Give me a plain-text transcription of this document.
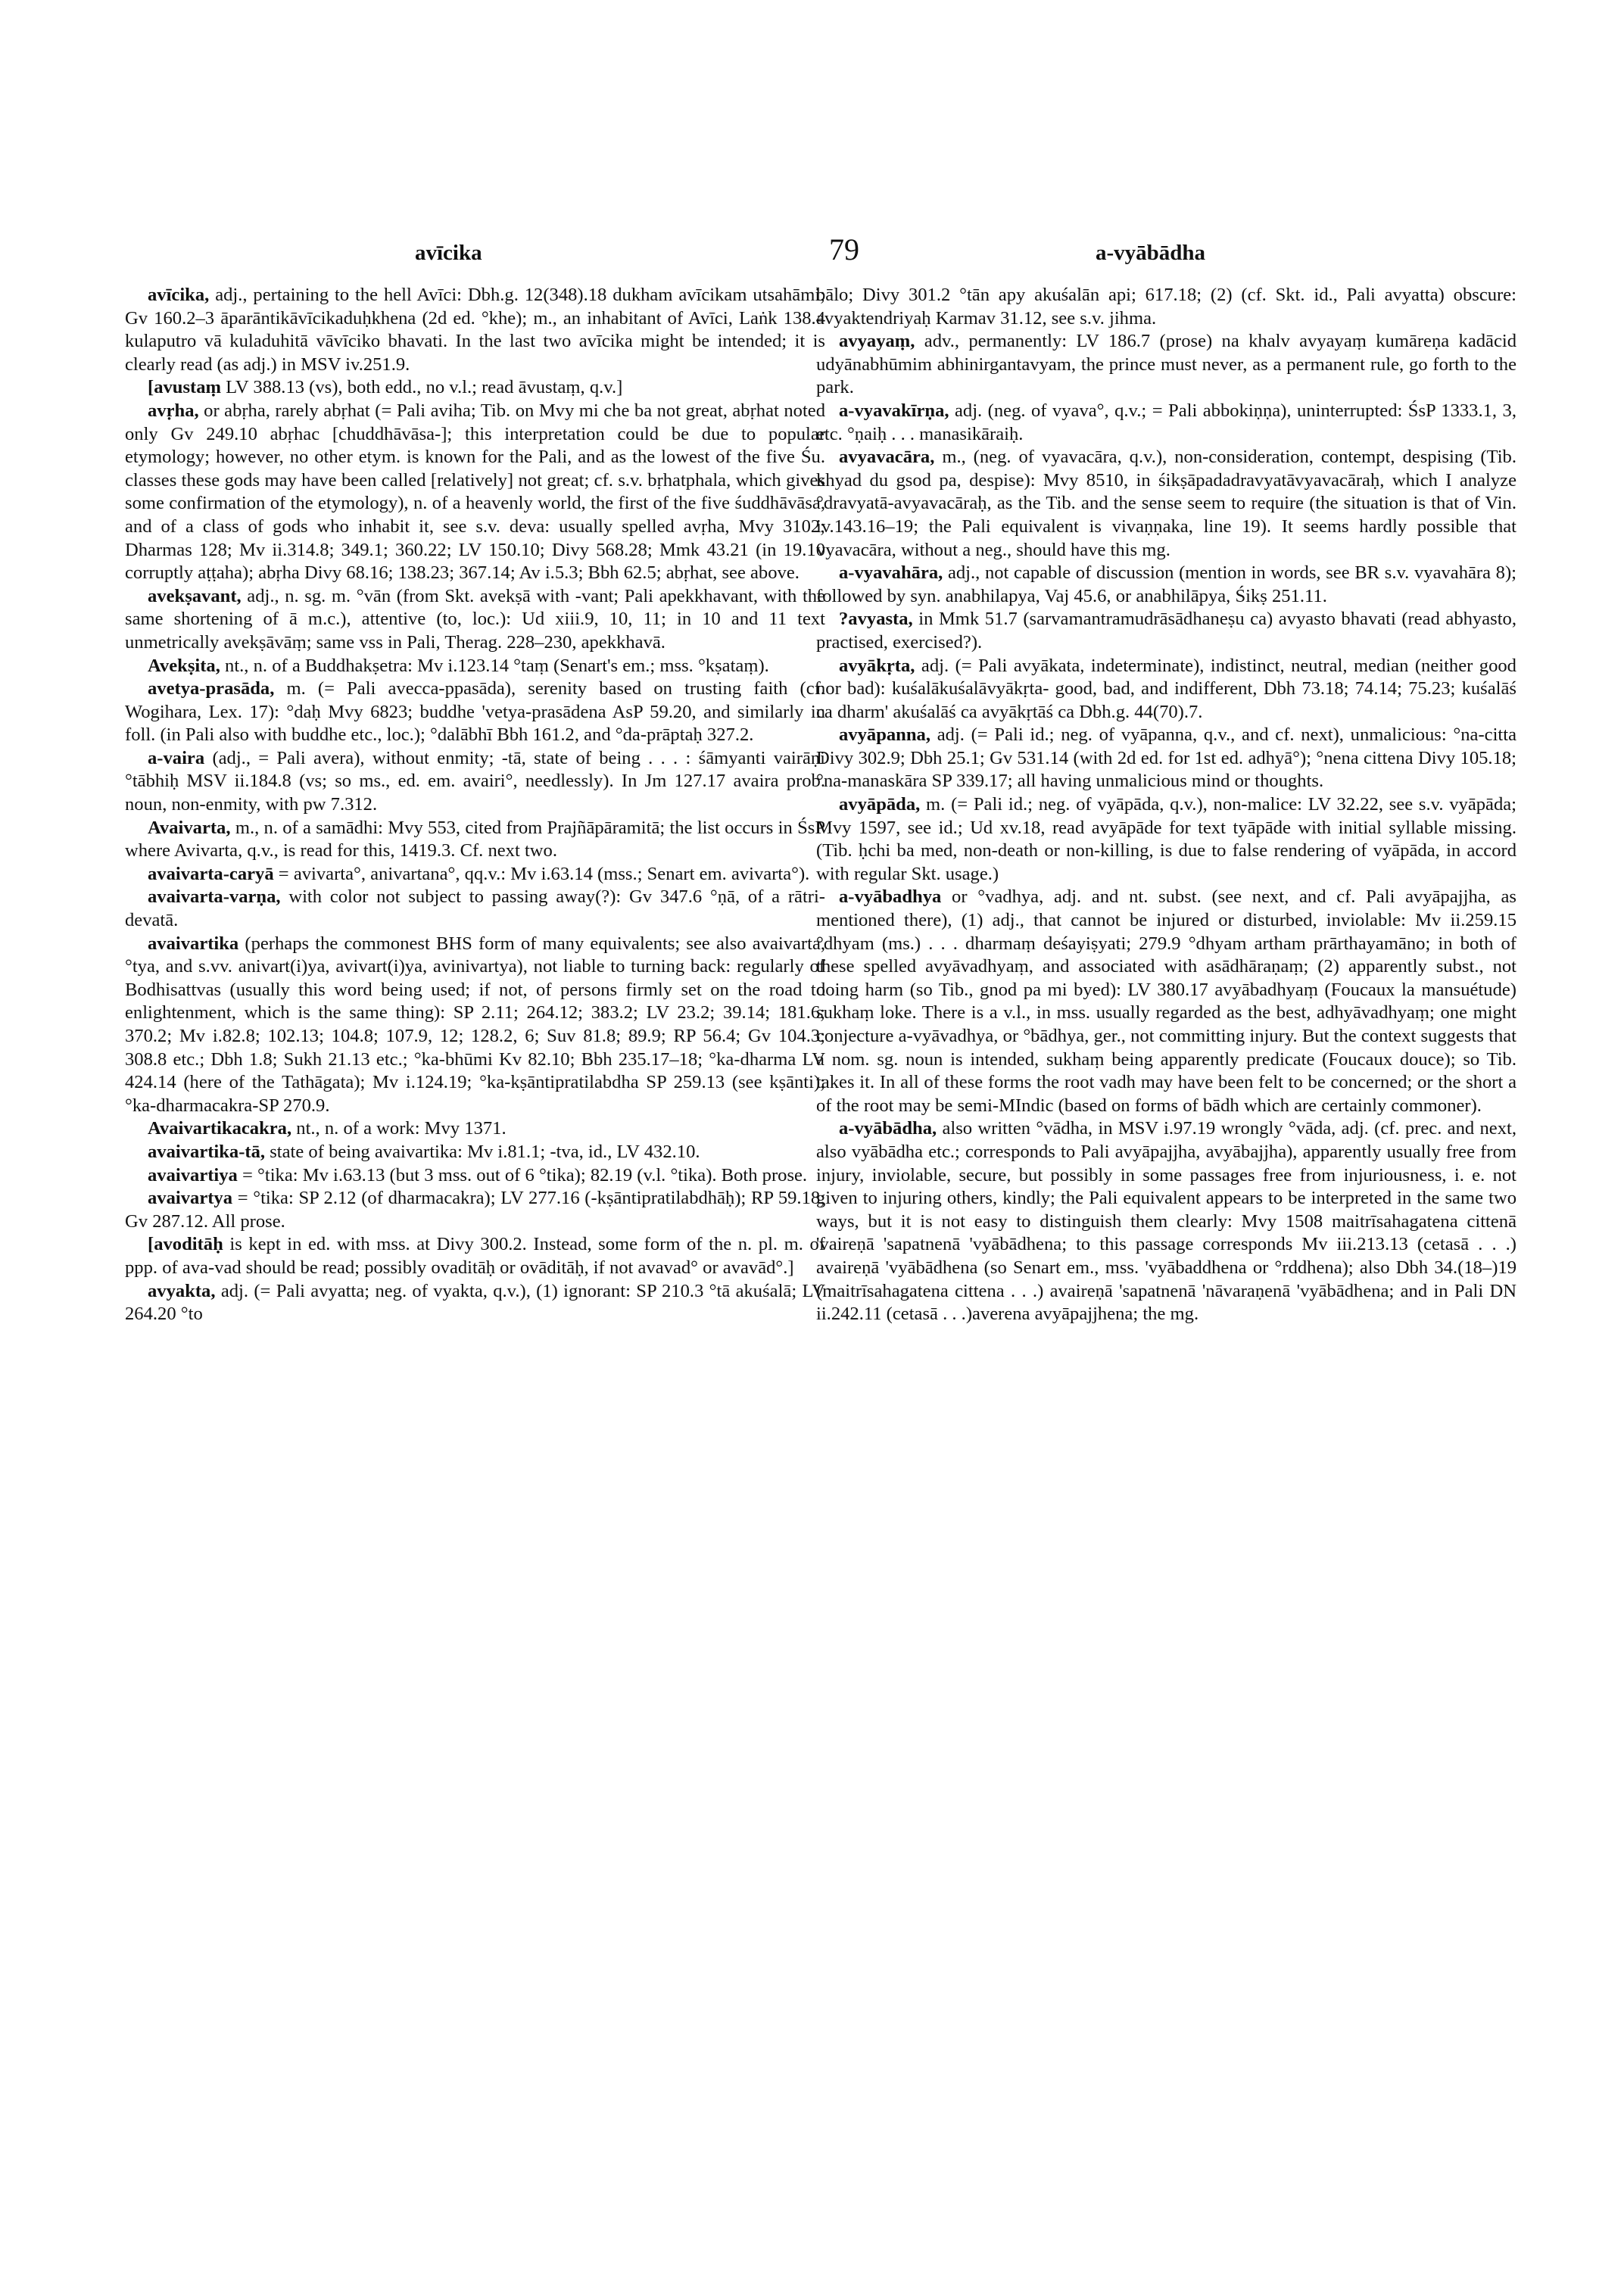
avīcika	79	a-vyābādha

avīcika, adj., pertaining to the hell Avīci: Dbh.g. 12(348).18 dukham avīcikam utsahāmi; Gv 160.2–3 āparāntikāvīcikaduḥkhena (2d ed. °khe); m., an inhabitant of Avīci, Laṅk 138.4 kulaputro vā kuladuhitā vāvīciko bhavati. In the last two avīcika might be intended; it is clearly read (as adj.) in MSV iv.251.9.

[avustaṃ LV 388.13 (vs), both edd., no v.l.; read āvustaṃ, q.v.]

avṛha, or abṛha, rarely abṛhat (= Pali aviha; Tib. on Mvy mi che ba not great, abṛhat noted only Gv 249.10 abṛhac [chuddhāvāsa-]; this interpretation could be due to popular etymology; however, no other etym. is known for the Pali, and as the lowest of the five Śu. classes these gods may have been called [relatively] not great; cf. s.v. bṛhatphala, which gives some confirmation of the etymology), n. of a heavenly world, the first of the five śuddhāvāsa, and of a class of gods who inhabit it, see s.v. deva: usually spelled avṛha, Mvy 3102; Dharmas 128; Mv ii.314.8; 349.1; 360.22; LV 150.10; Divy 568.28; Mmk 43.21 (in 19.10 corruptly aṭṭaha); abṛha Divy 68.16; 138.23; 367.14; Av i.5.3; Bbh 62.5; abṛhat, see above.

avekṣavant, adj., n. sg. m. °vān (from Skt. avekṣā with -vant; Pali apekkhavant, with the same shortening of ā m.c.), attentive (to, loc.): Ud xiii.9, 10, 11; in 10 and 11 text unmetrically avekṣāvāṃ; same vss in Pali, Therag. 228–230, apekkhavā.

Avekṣita, nt., n. of a Buddhakṣetra: Mv i.123.14 °taṃ (Senart's em.; mss. °kṣataṃ).

avetya-prasāda, m. (= Pali avecca-ppasāda), serenity based on trusting faith (cf. Wogihara, Lex. 17): °daḥ Mvy 6823; buddhe 'vetya-prasādena AsP 59.20, and similarly in foll. (in Pali also with buddhe etc., loc.); °dalābhī Bbh 161.2, and °da-prāptaḥ 327.2.

a-vaira (adj., = Pali avera), without enmity; -tā, state of being . . . : śāmyanti vairāṇi °tābhiḥ MSV ii.184.8 (vs; so ms., ed. em. avairi°, needlessly). In Jm 127.17 avaira prob. noun, non-enmity, with pw 7.312.

Avaivarta, m., n. of a samādhi: Mvy 553, cited from Prajñāpāramitā; the list occurs in ŚsP where Avivarta, q.v., is read for this, 1419.3. Cf. next two.

avaivarta-caryā = avivarta°, anivartana°, qq.v.: Mv i.63.14 (mss.; Senart em. avivarta°).

avaivarta-varṇa, with color not subject to passing away(?): Gv 347.6 °ṇā, of a rātri-devatā.

avaivartika (perhaps the commonest BHS form of many equivalents; see also avaivarta, °tya, and s.vv. anivart(i)ya, avivart(i)ya, avinivartya), not liable to turning back: regularly of Bodhisattvas (usually this word being used; if not, of persons firmly set on the road to enlightenment, which is the same thing): SP 2.11; 264.12; 383.2; LV 23.2; 39.14; 181.6; 370.2; Mv i.82.8; 102.13; 104.8; 107.9, 12; 128.2, 6; Suv 81.8; 89.9; RP 56.4; Gv 104.3; 308.8 etc.; Dbh 1.8; Sukh 21.13 etc.; °ka-bhūmi Kv 82.10; Bbh 235.17–18; °ka-dharma LV 424.14 (here of the Tathāgata); Mv i.124.19; °ka-kṣāntipratilabdha SP 259.13 (see kṣānti); °ka-dharmacakra-SP 270.9.

Avaivartikacakra, nt., n. of a work: Mvy 1371.

avaivartika-tā, state of being avaivartika: Mv i.81.1; -tva, id., LV 432.10.

avaivartiya = °tika: Mv i.63.13 (but 3 mss. out of 6 °tika); 82.19 (v.l. °tika). Both prose.

avaivartya = °tika: SP 2.12 (of dharmacakra); LV 277.16 (-kṣāntipratilabdhāḥ); RP 59.18; Gv 287.12. All prose.

[avoditāḥ is kept in ed. with mss. at Divy 300.2. Instead, some form of the n. pl. m. of ppp. of ava-vad should be read; possibly ovaditāḥ or ovāditāḥ, if not avavad° or avavād°.]

avyakta, adj. (= Pali avyatta; neg. of vyakta, q.v.), (1) ignorant: SP 210.3 °tā akuśalā; LV 264.20 °to

bālo; Divy 301.2 °tān apy akuśalān api; 617.18; (2) (cf. Skt. id., Pali avyatta) obscure: avyaktendriyaḥ Karmav 31.12, see s.v. jihma.

avyayaṃ, adv., permanently: LV 186.7 (prose) na khalv avyayaṃ kumāreṇa kadācid udyānabhūmim abhinirgantavyam, the prince must never, as a permanent rule, go forth to the park.

a-vyavakīrṇa, adj. (neg. of vyava°, q.v.; = Pali abbokiṇṇa), uninterrupted: ŚsP 1333.1, 3, etc. °ṇaiḥ . . . manasikāraiḥ.

avyavacāra, m., (neg. of vyavacāra, q.v.), non-consideration, contempt, despising (Tib. khyad du gsod pa, despise): Mvy 8510, in śikṣāpadadravyatāvyavacāraḥ, which I analyze °dravyatā-avyavacāraḥ, as the Tib. and the sense seem to require (the situation is that of Vin. iv.143.16–19; the Pali equivalent is vivaṇṇaka, line 19). It seems hardly possible that vyavacāra, without a neg., should have this mg.

a-vyavahāra, adj., not capable of discussion (mention in words, see BR s.v. vyavahāra 8); followed by syn. anabhilapya, Vaj 45.6, or anabhilāpya, Śikṣ 251.11.

?avyasta, in Mmk 51.7 (sarvamantramudrāsādhaneṣu ca) avyasto bhavati (read abhyasto, practised, exercised?).

avyākṛta, adj. (= Pali avyākata, indeterminate), indistinct, neutral, median (neither good nor bad): kuśalākuśalāvyākṛta- good, bad, and indifferent, Dbh 73.18; 74.14; 75.23; kuśalāś ca dharm' akuśalāś ca avyākṛtāś ca Dbh.g. 44(70).7.

avyāpanna, adj. (= Pali id.; neg. of vyāpanna, q.v., and cf. next), unmalicious: °na-citta Divy 302.9; Dbh 25.1; Gv 531.14 (with 2d ed. for 1st ed. adhyā°); °nena cittena Divy 105.18; °na-manaskāra SP 339.17; all having unmalicious mind or thoughts.

avyāpāda, m. (= Pali id.; neg. of vyāpāda, q.v.), non-malice: LV 32.22, see s.v. vyāpāda; Mvy 1597, see id.; Ud xv.18, read avyāpāde for text tyāpāde with initial syllable missing. (Tib. ḥchi ba med, non-death or non-killing, is due to false rendering of vyāpāda, in accord with regular Skt. usage.)

a-vyābadhya or °vadhya, adj. and nt. subst. (see next, and cf. Pali avyāpajjha, as mentioned there), (1) adj., that cannot be injured or disturbed, inviolable: Mv ii.259.15 °dhyam (ms.) . . . dharmaṃ deśayiṣyati; 279.9 °dhyam artham prārthayamāno; in both of these spelled avyāvadhyaṃ, and associated with asādhāraṇaṃ; (2) apparently subst., not doing harm (so Tib., gnod pa mi byed): LV 380.17 avyābadhyaṃ (Foucaux la mansuétude) sukhaṃ loke. There is a v.l., in mss. usually regarded as the best, adhyāvadhyaṃ; one might conjecture a-vyāvadhya, or °bādhya, ger., not committing injury. But the context suggests that a nom. sg. noun is intended, sukhaṃ being apparently predicate (Foucaux douce); so Tib. takes it. In all of these forms the root vadh may have been felt to be concerned; or the short a of the root may be semi-MIndic (based on forms of bādh which are certainly commoner).

a-vyābādha, also written °vādha, in MSV i.97.19 wrongly °vāda, adj. (cf. prec. and next, also vyābādha etc.; corresponds to Pali avyāpajjha, avyābajjha), apparently usually free from injury, inviolable, secure, but possibly in some passages free from injuriousness, i. e. not given to injuring others, kindly; the Pali equivalent appears to be interpreted in the same two ways, but it is not easy to distinguish them clearly: Mvy 1508 maitrīsahagatena cittenā 'vaireṇā 'sapatnenā 'vyābādhena; to this passage corresponds Mv iii.213.13 (cetasā . . .) avaireṇā 'vyābādhena (so Senart em., mss. 'vyābaddhena or °rddhena); also Dbh 34.(18–)19 (maitrīsahagatena cittena . . .) avaireṇā 'sapatnenā 'nāvaraṇenā 'vyābādhena; and in Pali DN ii.242.11 (cetasā . . .)averena avyāpajjhena; the mg.
